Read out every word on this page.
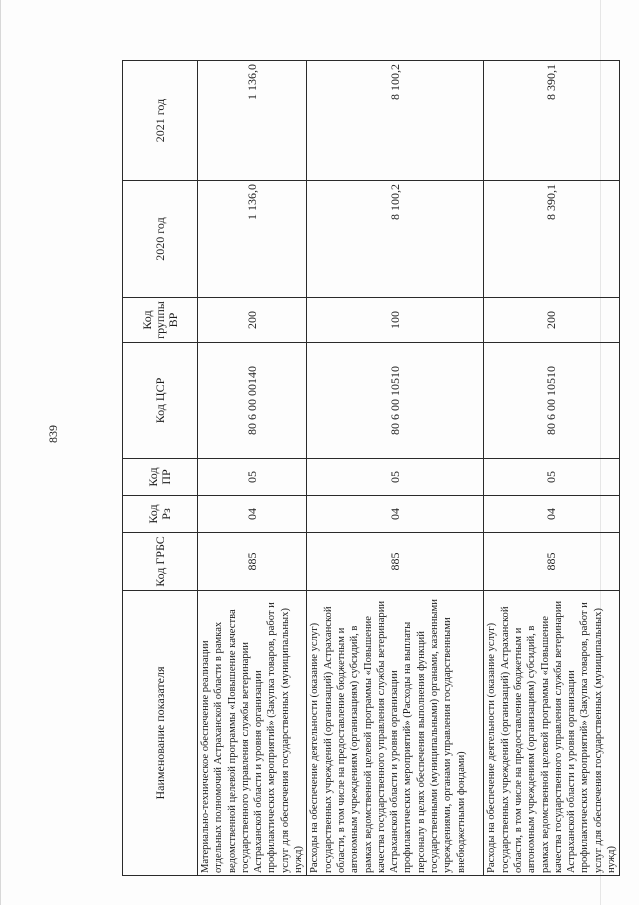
839
Наименование показателя	Код ГРБС	Код Рз	Код ПР	Код ЦСР	Код группы ВР	2020 год	2021 год
Материально-техническое обеспечение реализации отдельных полномочий Астраханской области в рамках ведомственной целевой программы «Повышение качества государственного управления службы ветеринарии Астраханской области и уровня организации профилактических мероприятий» (Закупка товаров, работ и услуг для обеспечения государственных (муниципальных) нужд)	885	04	05	80 6 00 00140	200	1 136,0	1 136,0
Расходы на обеспечение деятельности (оказание услуг) государственных учреждений (организаций) Астраханской области, в том числе на предоставление бюджетным и автономным учреждениям (организациям) субсидий, в рамках ведомственной целевой программы «Повышение качества государственного управления службы ветеринарии Астраханской области и уровня организации профилактических мероприятий» (Расходы на выплаты персоналу в целях обеспечения выполнения функций государственными (муниципальными) органами, казенными учреждениями, органами управления государственными внебюджетными фондами)	885	04	05	80 6 00 10510	100	8 100,2	8 100,2
Расходы на обеспечение деятельности (оказание услуг) государственных учреждений (организаций) Астраханской области, в том числе на предоставление бюджетным и автономным учреждениям (организациям) субсидий, в рамках ведомственной целевой программы «Повышение качества государственного управления службы ветеринарии Астраханской области и уровня организации профилактических мероприятий» (Закупка товаров, работ и услуг для обеспечения государственных (муниципальных) нужд)	885	04	05	80 6 00 10510	200	8 390,1	8 390,1
